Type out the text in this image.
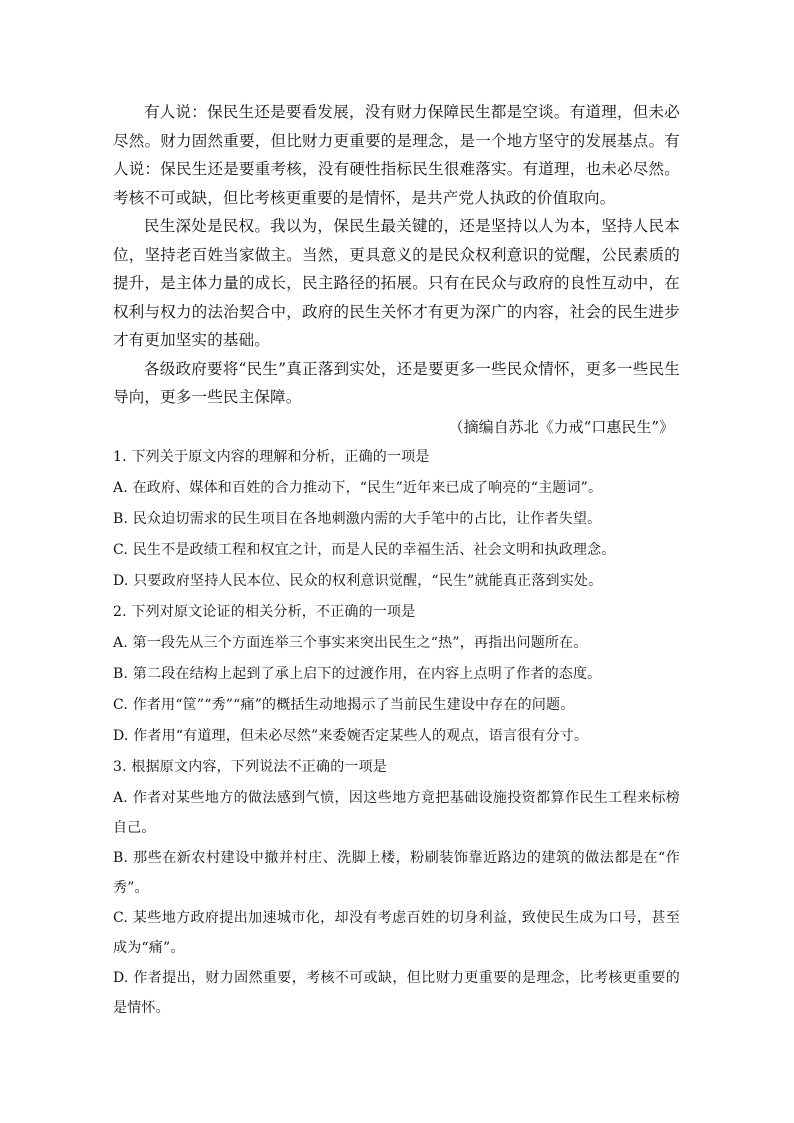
有人说：保民生还是要看发展，没有财力保障民生都是空谈。有道理，但未必尽然。财力固然重要，但比财力更重要的是理念，是一个地方坚守的发展基点。有人说：保民生还是要重考核，没有硬性指标民生很难落实。有道理，也未必尽然。考核不可或缺，但比考核更重要的是情怀，是共产党人执政的价值取向。

民生深处是民权。我以为，保民生最关键的，还是坚持以人为本，坚持人民本位，坚持老百姓当家做主。当然，更具意义的是民众权利意识的觉醒，公民素质的提升，是主体力量的成长，民主路径的拓展。只有在民众与政府的良性互动中，在权利与权力的法治契合中，政府的民生关怀才有更为深广的内容，社会的民生进步才有更加坚实的基础。

各级政府要将“民生”真正落到实处，还是要更多一些民众情怀，更多一些民生导向，更多一些民主保障。

（摘编自苏北《力戒“口惠民生”》

1. 下列关于原文内容的理解和分析，正确的一项是

A. 在政府、媒体和百姓的合力推动下，“民生”近年来已成了响亮的“主题词”。

B. 民众迫切需求的民生项目在各地刺激内需的大手笔中的占比，让作者失望。

C. 民生不是政绩工程和权宜之计，而是人民的幸福生活、社会文明和执政理念。

D. 只要政府坚持人民本位、民众的权利意识觉醒，“民生”就能真正落到实处。

2. 下列对原文论证的相关分析，不正确的一项是

A. 第一段先从三个方面连举三个事实来突出民生之“热”，再指出问题所在。

B. 第二段在结构上起到了承上启下的过渡作用，在内容上点明了作者的态度。

C. 作者用“筐”“秀”“痛”的概括生动地揭示了当前民生建设中存在的问题。

D. 作者用“有道理，但未必尽然”来委婉否定某些人的观点，语言很有分寸。

3. 根据原文内容，下列说法不正确的一项是

A. 作者对某些地方的做法感到气愤，因这些地方竟把基础设施投资都算作民生工程来标榜自己。

B. 那些在新农村建设中撤并村庄、洗脚上楼，粉刷装饰靠近路边的建筑的做法都是在“作秀”。

C. 某些地方政府提出加速城市化，却没有考虑百姓的切身利益，致使民生成为口号，甚至成为“痛”。

D. 作者提出，财力固然重要，考核不可或缺，但比财力更重要的是理念，比考核更重要的是情怀。
